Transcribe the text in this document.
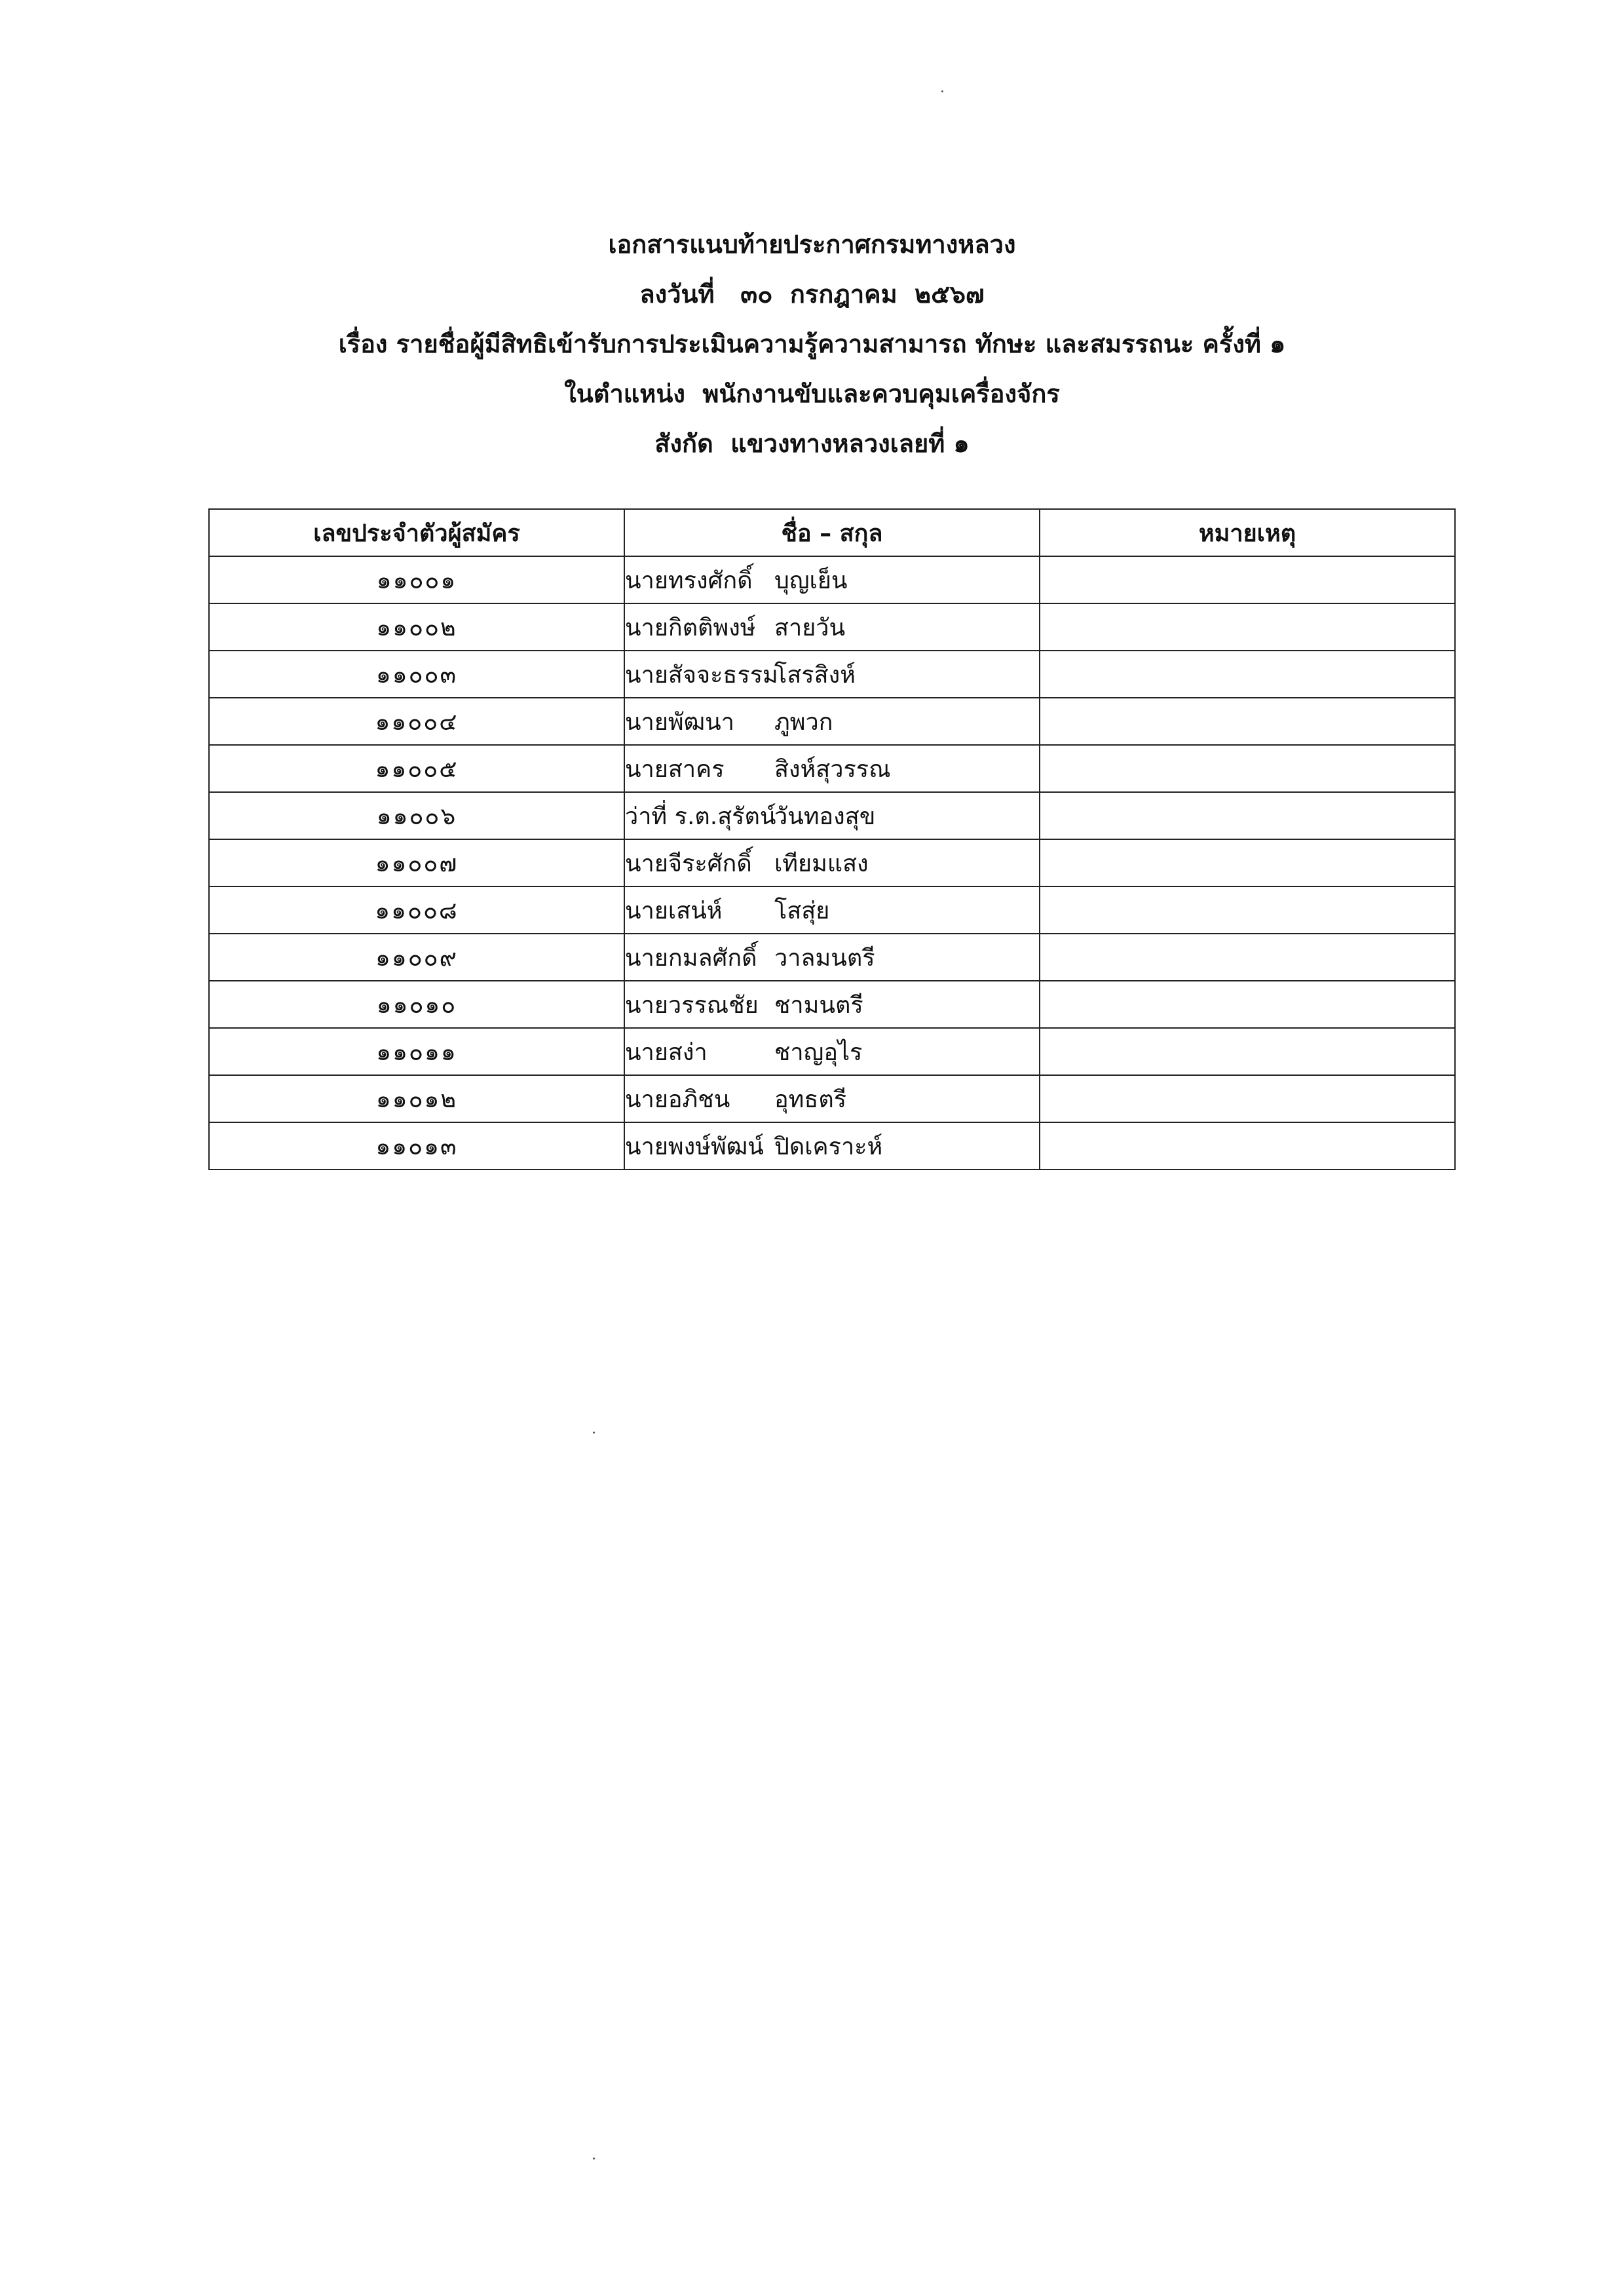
เอกสารแนบท้ายประกาศกรมทางหลวง
ลงวันที่   ๓๐  กรกฎาคม  ๒๕๖๗
เรื่อง รายชื่อผู้มีสิทธิเข้ารับการประเมินความรู้ความสามารถ ทักษะ และสมรรถนะ ครั้งที่ ๑
ในตำแหน่ง  พนักงานขับและควบคุมเครื่องจักร
สังกัด  แขวงทางหลวงเลยที่ ๑
เลขประจำตัวผู้สมัคร	ชื่อ – สกุล	หมายเหตุ
๑๑๐๐๑	นายทรงศักดิ์ บุญเย็น	
๑๑๐๐๒	นายกิตติพงษ์ สายวัน	
๑๑๐๐๓	นายสัจจะธรรมโสรสิงห์	
๑๑๐๐๔	นายพัฒนา ภูพวก	
๑๑๐๐๕	นายสาคร สิงห์สุวรรณ	
๑๑๐๐๖	ว่าที่ ร.ต.สุรัตน์วันทองสุข	
๑๑๐๐๗	นายจีระศักดิ์ เทียมแสง	
๑๑๐๐๘	นายเสน่ห์ โสสุ่ย	
๑๑๐๐๙	นายกมลศักดิ์ วาลมนตรี	
๑๑๐๑๐	นายวรรณชัย ชามนตรี	
๑๑๐๑๑	นายสง่า ชาญอุไร	
๑๑๐๑๒	นายอภิชน อุทธตรี	
๑๑๐๑๓	นายพงษ์พัฒน์ ปิดเคราะห์	
